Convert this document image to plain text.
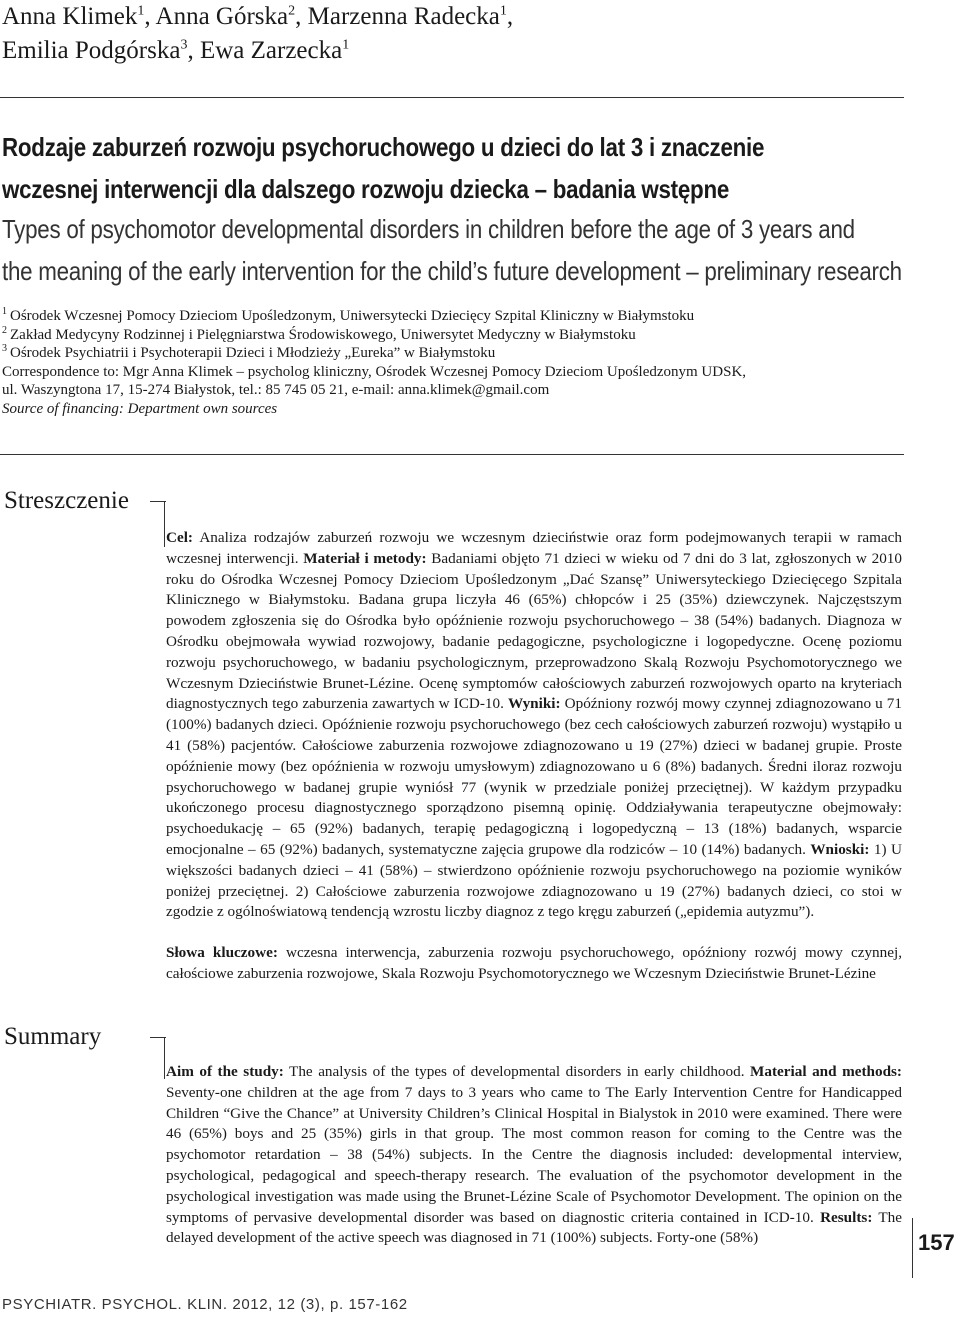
Anna Klimek$^1$, Anna Górska$^2$, Marzenna Radecka$^1$,
Emilia Podgórska$^3$, Ewa Zarzecka$^1$
Rodzaje zaburzeń rozwoju psychoruchowego u dzieci do lat 3 i znaczenie
wczesnej interwencji dla dalszego rozwoju dziecka – badania wstępne
Types of psychomotor developmental disorders in children before the age of 3 years and
the meaning of the early intervention for the child’s future development – preliminary research
$^1$ Ośrodek Wczesnej Pomocy Dzieciom Upośledzonym, Uniwersytecki Dziecięcy Szpital Kliniczny w Białymstoku
$^2$ Zakład Medycyny Rodzinnej i Pielęgniarstwa Środowiskowego, Uniwersytet Medyczny w Białymstoku
$^3$ Ośrodek Psychiatrii i Psychoterapii Dzieci i Młodzieży „Eureka” w Białymstoku
Correspondence to: Mgr Anna Klimek – psycholog kliniczny, Ośrodek Wczesnej Pomocy Dzieciom Upośledzonym UDSK,
ul. Waszyngtona 17, 15-274 Białystok, tel.: 85 745 05 21, e-mail: anna.klimek@gmail.com
Source of financing: Department own sources
Streszczenie

Cel: Analiza rodzajów zaburzeń rozwoju we wczesnym dzieciństwie oraz form podejmowanych terapii w ramach wczesnej interwencji. Materiał i metody: Badaniami objęto 71 dzieci w wieku od 7 dni do 3 lat, zgłoszonych w 2010 roku do Ośrodka Wczesnej Pomocy Dzieciom Upośledzonym „Dać Szansę” Uniwersyteckiego Dziecięcego Szpitala Klinicznego w Białymstoku. Badana grupa liczyła 46 (65%) chłopców i 25 (35%) dziewczynek. Najczęstszym powodem zgłoszenia się do Ośrodka było opóźnienie rozwoju psychoruchowego – 38 (54%) badanych. Diagnoza w Ośrodku obejmowała wywiad rozwojowy, badanie pedagogiczne, psychologiczne i logopedyczne. Ocenę poziomu rozwoju psychoruchowego, w badaniu psychologicznym, przeprowadzono Skalą Rozwoju Psychomotorycznego we Wczesnym Dzieciństwie Brunet-Lézine. Ocenę symptomów całościowych zaburzeń rozwojowych oparto na kryteriach diagnostycznych tego zaburzenia zawartych w ICD-10. Wyniki: Opóźniony rozwój mowy czynnej zdiagnozowano u 71 (100%) badanych dzieci. Opóźnienie rozwoju psychoruchowego (bez cech całościowych zaburzeń rozwoju) wystąpiło u 41 (58%) pacjentów. Całościowe zaburzenia rozwojowe zdiagnozowano u 19 (27%) dzieci w badanej grupie. Proste opóźnienie mowy (bez opóźnienia w rozwoju umysłowym) zdiagnozowano u 6 (8%) badanych. Średni iloraz rozwoju psychoruchowego w badanej grupie wyniósł 77 (wynik w przedziale poniżej przeciętnej). W każdym przypadku ukończonego procesu diagnostycznego sporządzono pisemną opinię. Oddziaływania terapeutyczne obejmowały: psychoedukację – 65 (92%) badanych, terapię pedagogiczną i logopedyczną – 13 (18%) badanych, wsparcie emocjonalne – 65 (92%) badanych, systematyczne zajęcia grupowe dla rodziców – 10 (14%) badanych. Wnioski: 1) U większości badanych dzieci – 41 (58%) – stwierdzono opóźnienie rozwoju psychoruchowego na poziomie wyników poniżej przeciętnej. 2) Całościowe zaburzenia rozwojowe zdiagnozowano u 19 (27%) badanych dzieci, co stoi w zgodzie z ogólnoświatową tendencją wzrostu liczby diagnoz z tego kręgu zaburzeń („epidemia autyzmu”).

Słowa kluczowe: wczesna interwencja, zaburzenia rozwoju psychoruchowego, opóźniony rozwój mowy czynnej, całościowe zaburzenia rozwojowe, Skala Rozwoju Psychomotorycznego we Wczesnym Dzieciństwie Brunet-Lézine

Summary

Aim of the study: The analysis of the types of developmental disorders in early childhood. Material and methods: Seventy-one children at the age from 7 days to 3 years who came to The Early Intervention Centre for Handicapped Children “Give the Chance” at University Children’s Clinical Hospital in Bialystok in 2010 were examined. There were 46 (65%) boys and 25 (35%) girls in that group. The most common reason for coming to the Centre was the psychomotor retardation – 38 (54%) subjects. In the Centre the diagnosis included: developmental interview, psychological, pedagogical and speech-therapy research. The evaluation of the psychomotor development in the psychological investigation was made using the Brunet-Lézine Scale of Psychomotor Development. The opinion on the symptoms of pervasive developmental disorder was based on diagnostic criteria contained in ICD-10. Results: The delayed development of the active speech was diagnosed in 71 (100%) subjects. Forty-one (58%)	157
PSYCHIATR. PSYCHOL. KLIN. 2012, 12 (3), p. 157-162
